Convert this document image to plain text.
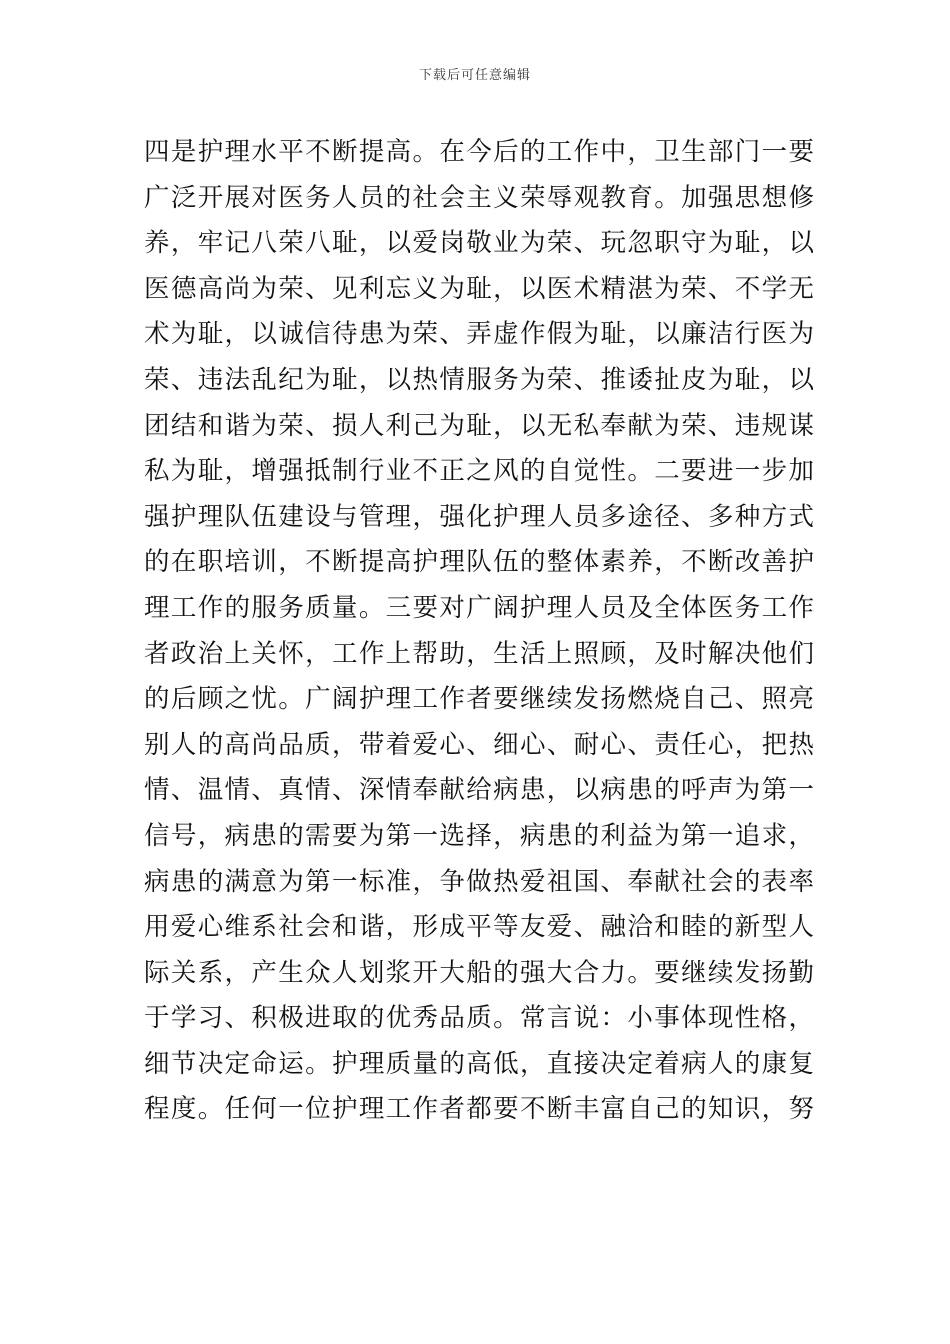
下载后可任意编辑
四是护理水平不断提高。在今后的工作中，卫生部门一要
广泛开展对医务人员的社会主义荣辱观教育。加强思想修
养，牢记八荣八耻，以爱岗敬业为荣、玩忽职守为耻，以
医德高尚为荣、见利忘义为耻，以医术精湛为荣、不学无
术为耻，以诚信待患为荣、弄虚作假为耻，以廉洁行医为
荣、违法乱纪为耻，以热情服务为荣、推诿扯皮为耻，以
团结和谐为荣、损人利己为耻，以无私奉献为荣、违规谋
私为耻，增强抵制行业不正之风的自觉性。二要进一步加
强护理队伍建设与管理，强化护理人员多途径、多种方式
的在职培训，不断提高护理队伍的整体素养，不断改善护
理工作的服务质量。三要对广阔护理人员及全体医务工作
者政治上关怀，工作上帮助，生活上照顾，及时解决他们
的后顾之忧。广阔护理工作者要继续发扬燃烧自己、照亮
别人的高尚品质，带着爱心、细心、耐心、责任心，把热
情、温情、真情、深情奉献给病患，以病患的呼声为第一
信号，病患的需要为第一选择，病患的利益为第一追求，
病患的满意为第一标准，争做热爱祖国、奉献社会的表率
用爱心维系社会和谐，形成平等友爱、融洽和睦的新型人
际关系，产生众人划浆开大船的强大合力。要继续发扬勤
于学习、积极进取的优秀品质。常言说：小事体现性格，
细节决定命运。护理质量的高低，直接决定着病人的康复
程度。任何一位护理工作者都要不断丰富自己的知识，努
